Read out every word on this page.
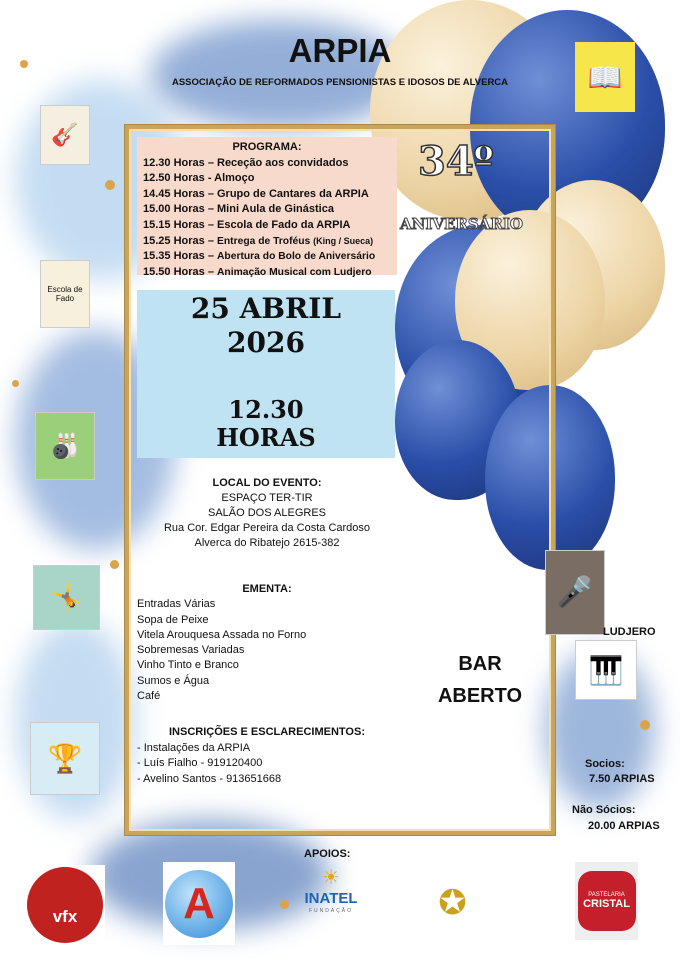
ARPIA
ASSOCIAÇÃO DE REFORMADOS PENSIONISTAS E IDOSOS DE ALVERCA
PROGRAMA:
12.30 Horas – Receção aos convidados
12.50 Horas - Almoço
14.45 Horas – Grupo de Cantares da ARPIA
15.00 Horas – Mini Aula de Ginástica
15.15 Horas – Escola de Fado da ARPIA
15.25 Horas – Entrega de Troféus (King / Sueca)
15.35 Horas – Abertura do Bolo de Aniversário
15.50 Horas – Animação Musical com Ludjero
34º
ANIVERSÁRIO
25 ABRIL
2026
12.30
HORAS
LOCAL DO EVENTO:
ESPAÇO TER-TIR
SALÃO DOS ALEGRES
Rua Cor. Edgar Pereira da Costa Cardoso
Alverca do Ribatejo 2615-382
EMENTA:
Entradas Várias
Sopa de Peixe
Vitela Arouquesa Assada no Forno
Sobremesas Variadas
Vinho Tinto e Branco
Sumos e Água
Café
INSCRIÇÕES E ESCLARECIMENTOS:
- Instalações da ARPIA
- Luís Fialho - 919120400
- Avelino Santos - 913651668
BAR
ABERTO
🎸
Escola de Fado
🎳
🤸
🏆
📖
🎤
LUDJERO
🎹
Socios:
7.50 ARPIAS
Não Sócios:
20.00 ARPIAS
APOIOS:
vfx	A
☀INATEL
FUNDAÇÃO	✪	PASTELARIA
CRISTAL
